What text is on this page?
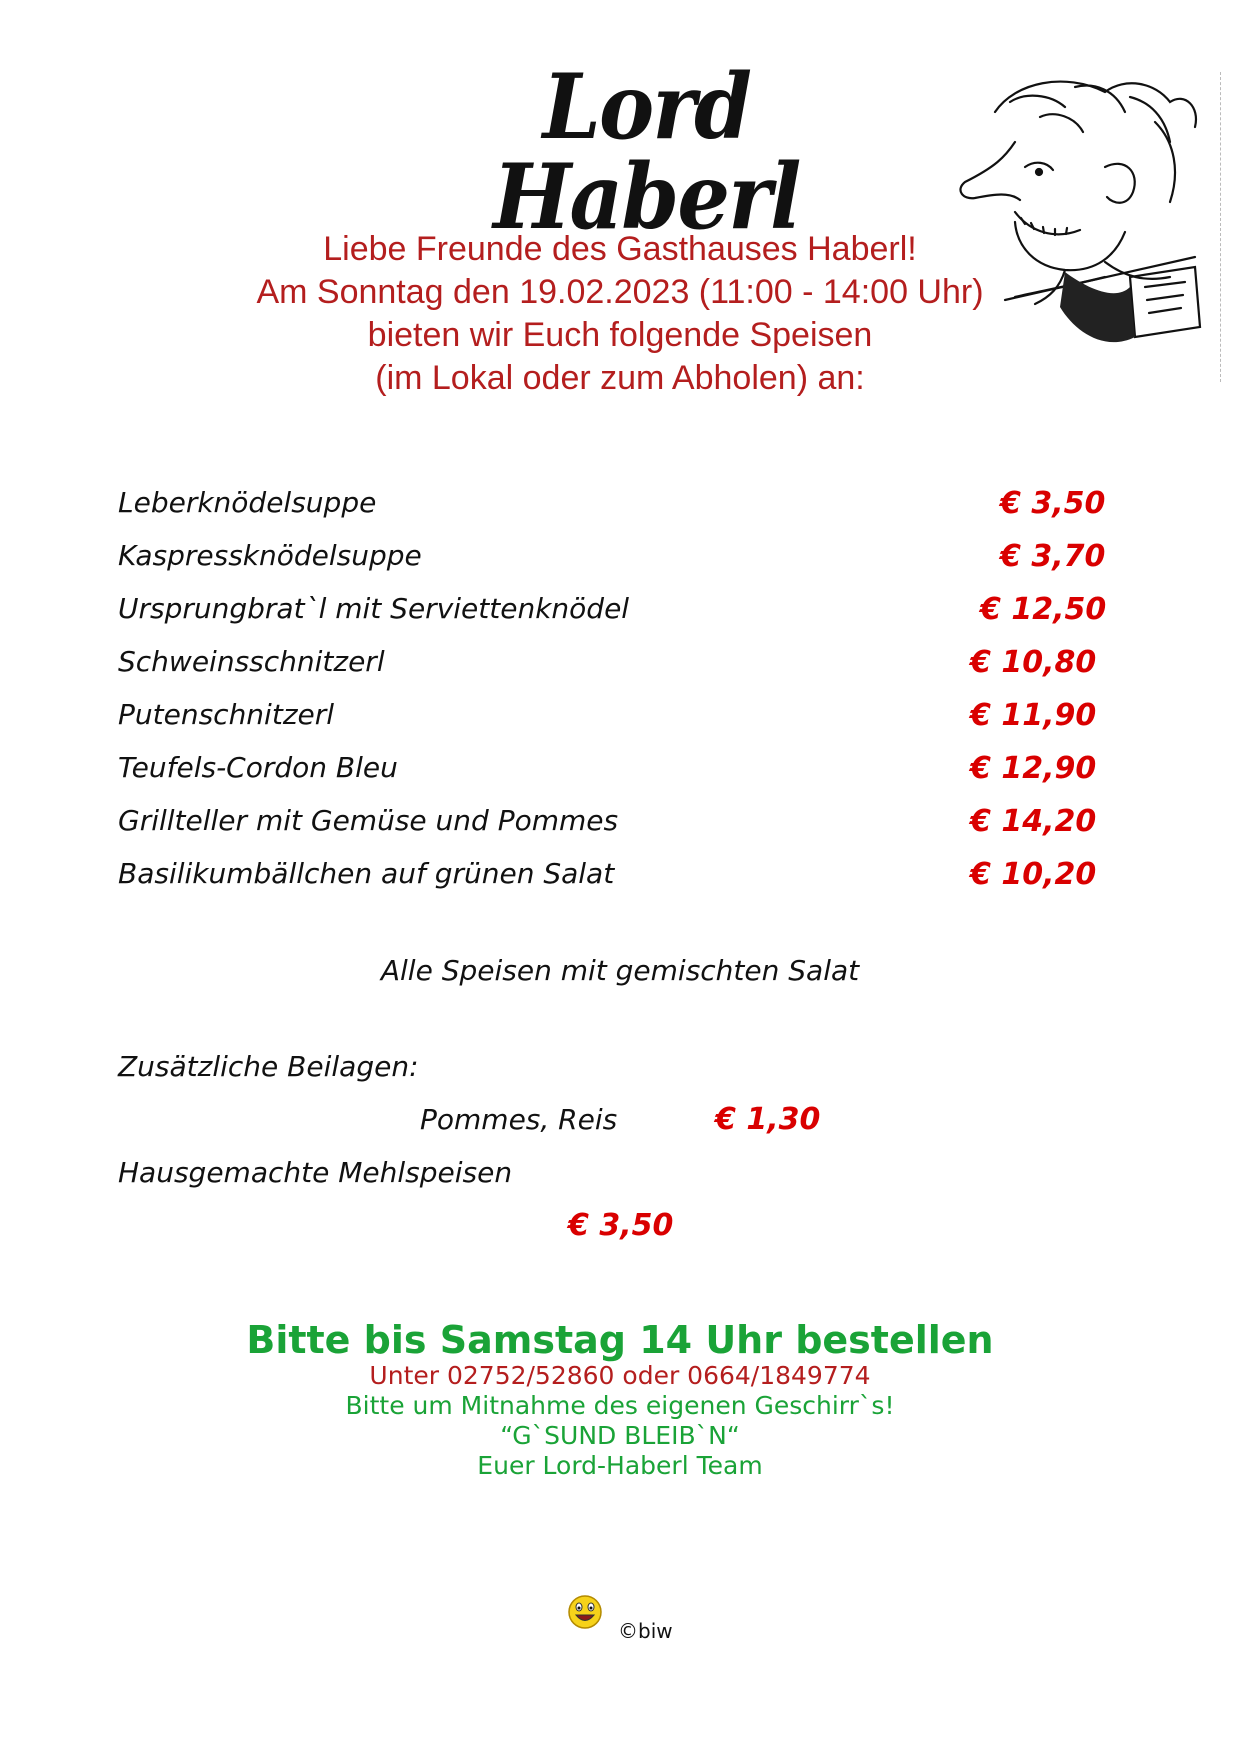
Lord Haberl
Liebe Freunde des Gasthauses Haberl!
Am Sonntag den 19.02.2023 (11:00 - 14:00 Uhr)
bieten wir Euch folgende Speisen
(im Lokal oder zum Abholen) an:
Leberknödelsuppe	€ 3,50
Kaspressknödelsuppe	€ 3,70
Ursprungbrat`l mit Serviettenknödel	€ 12,50
Schweinsschnitzerl	€ 10,80
Putenschnitzerl	€ 11,90
Teufels-Cordon Bleu	€ 12,90
Grillteller mit Gemüse und Pommes	€ 14,20
Basilikumbällchen auf grünen Salat	€ 10,20
Alle Speisen mit gemischten Salat
Zusätzliche Beilagen:
Pommes, Reis	€ 1,30
Hausgemachte Mehlspeisen
€ 3,50
Bitte bis Samstag 14 Uhr bestellen
Unter 02752/52860 oder 0664/1849774
Bitte um Mitnahme des eigenen Geschirr`s!
“G`SUND BLEIB`N“
Euer Lord-Haberl Team
©biw
